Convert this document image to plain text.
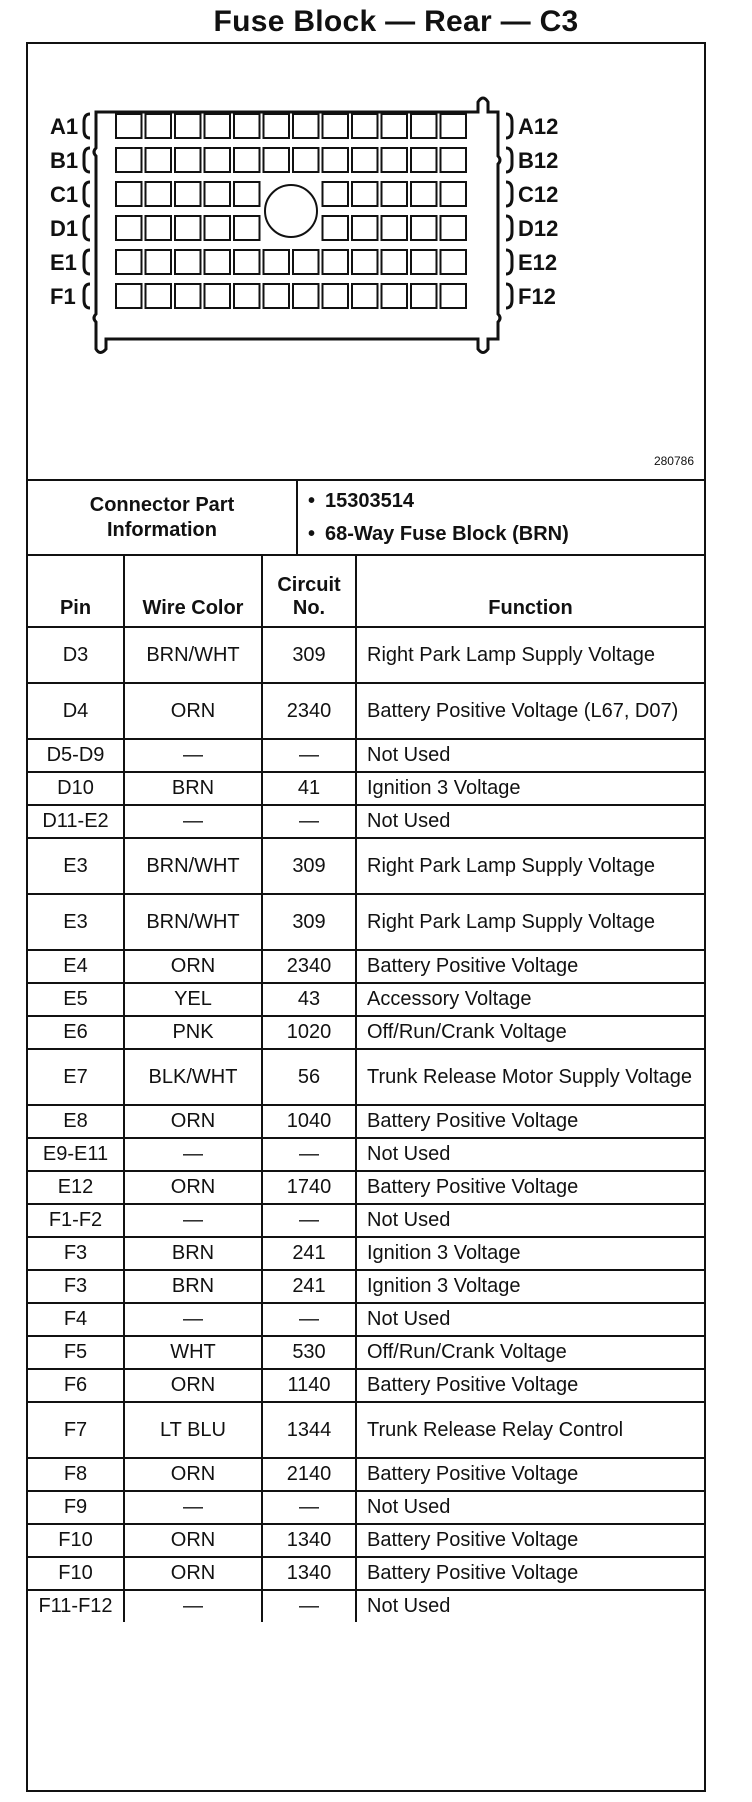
Fuse Block — Rear — C3
A1
B1
C1
D1
E1
F1
A12
B12
C12
D12
E12
F12
280786
Connector Part Information
• 15303514
• 68-Way Fuse Block (BRN)
Pin	Wire Color	Circuit No.	Function
D3	BRN/WHT	309	Right Park Lamp Supply Voltage
D4	ORN	2340	Battery Positive Voltage (L67, D07)
D5-D9	—	—	Not Used
D10	BRN	41	Ignition 3 Voltage
D11-E2	—	—	Not Used
E3	BRN/WHT	309	Right Park Lamp Supply Voltage
E3	BRN/WHT	309	Right Park Lamp Supply Voltage
E4	ORN	2340	Battery Positive Voltage
E5	YEL	43	Accessory Voltage
E6	PNK	1020	Off/Run/Crank Voltage
E7	BLK/WHT	56	Trunk Release Motor Supply Voltage
E8	ORN	1040	Battery Positive Voltage
E9-E11	—	—	Not Used
E12	ORN	1740	Battery Positive Voltage
F1-F2	—	—	Not Used
F3	BRN	241	Ignition 3 Voltage
F3	BRN	241	Ignition 3 Voltage
F4	—	—	Not Used
F5	WHT	530	Off/Run/Crank Voltage
F6	ORN	1140	Battery Positive Voltage
F7	LT BLU	1344	Trunk Release Relay Control
F8	ORN	2140	Battery Positive Voltage
F9	—	—	Not Used
F10	ORN	1340	Battery Positive Voltage
F10	ORN	1340	Battery Positive Voltage
F11-F12	—	—	Not Used
